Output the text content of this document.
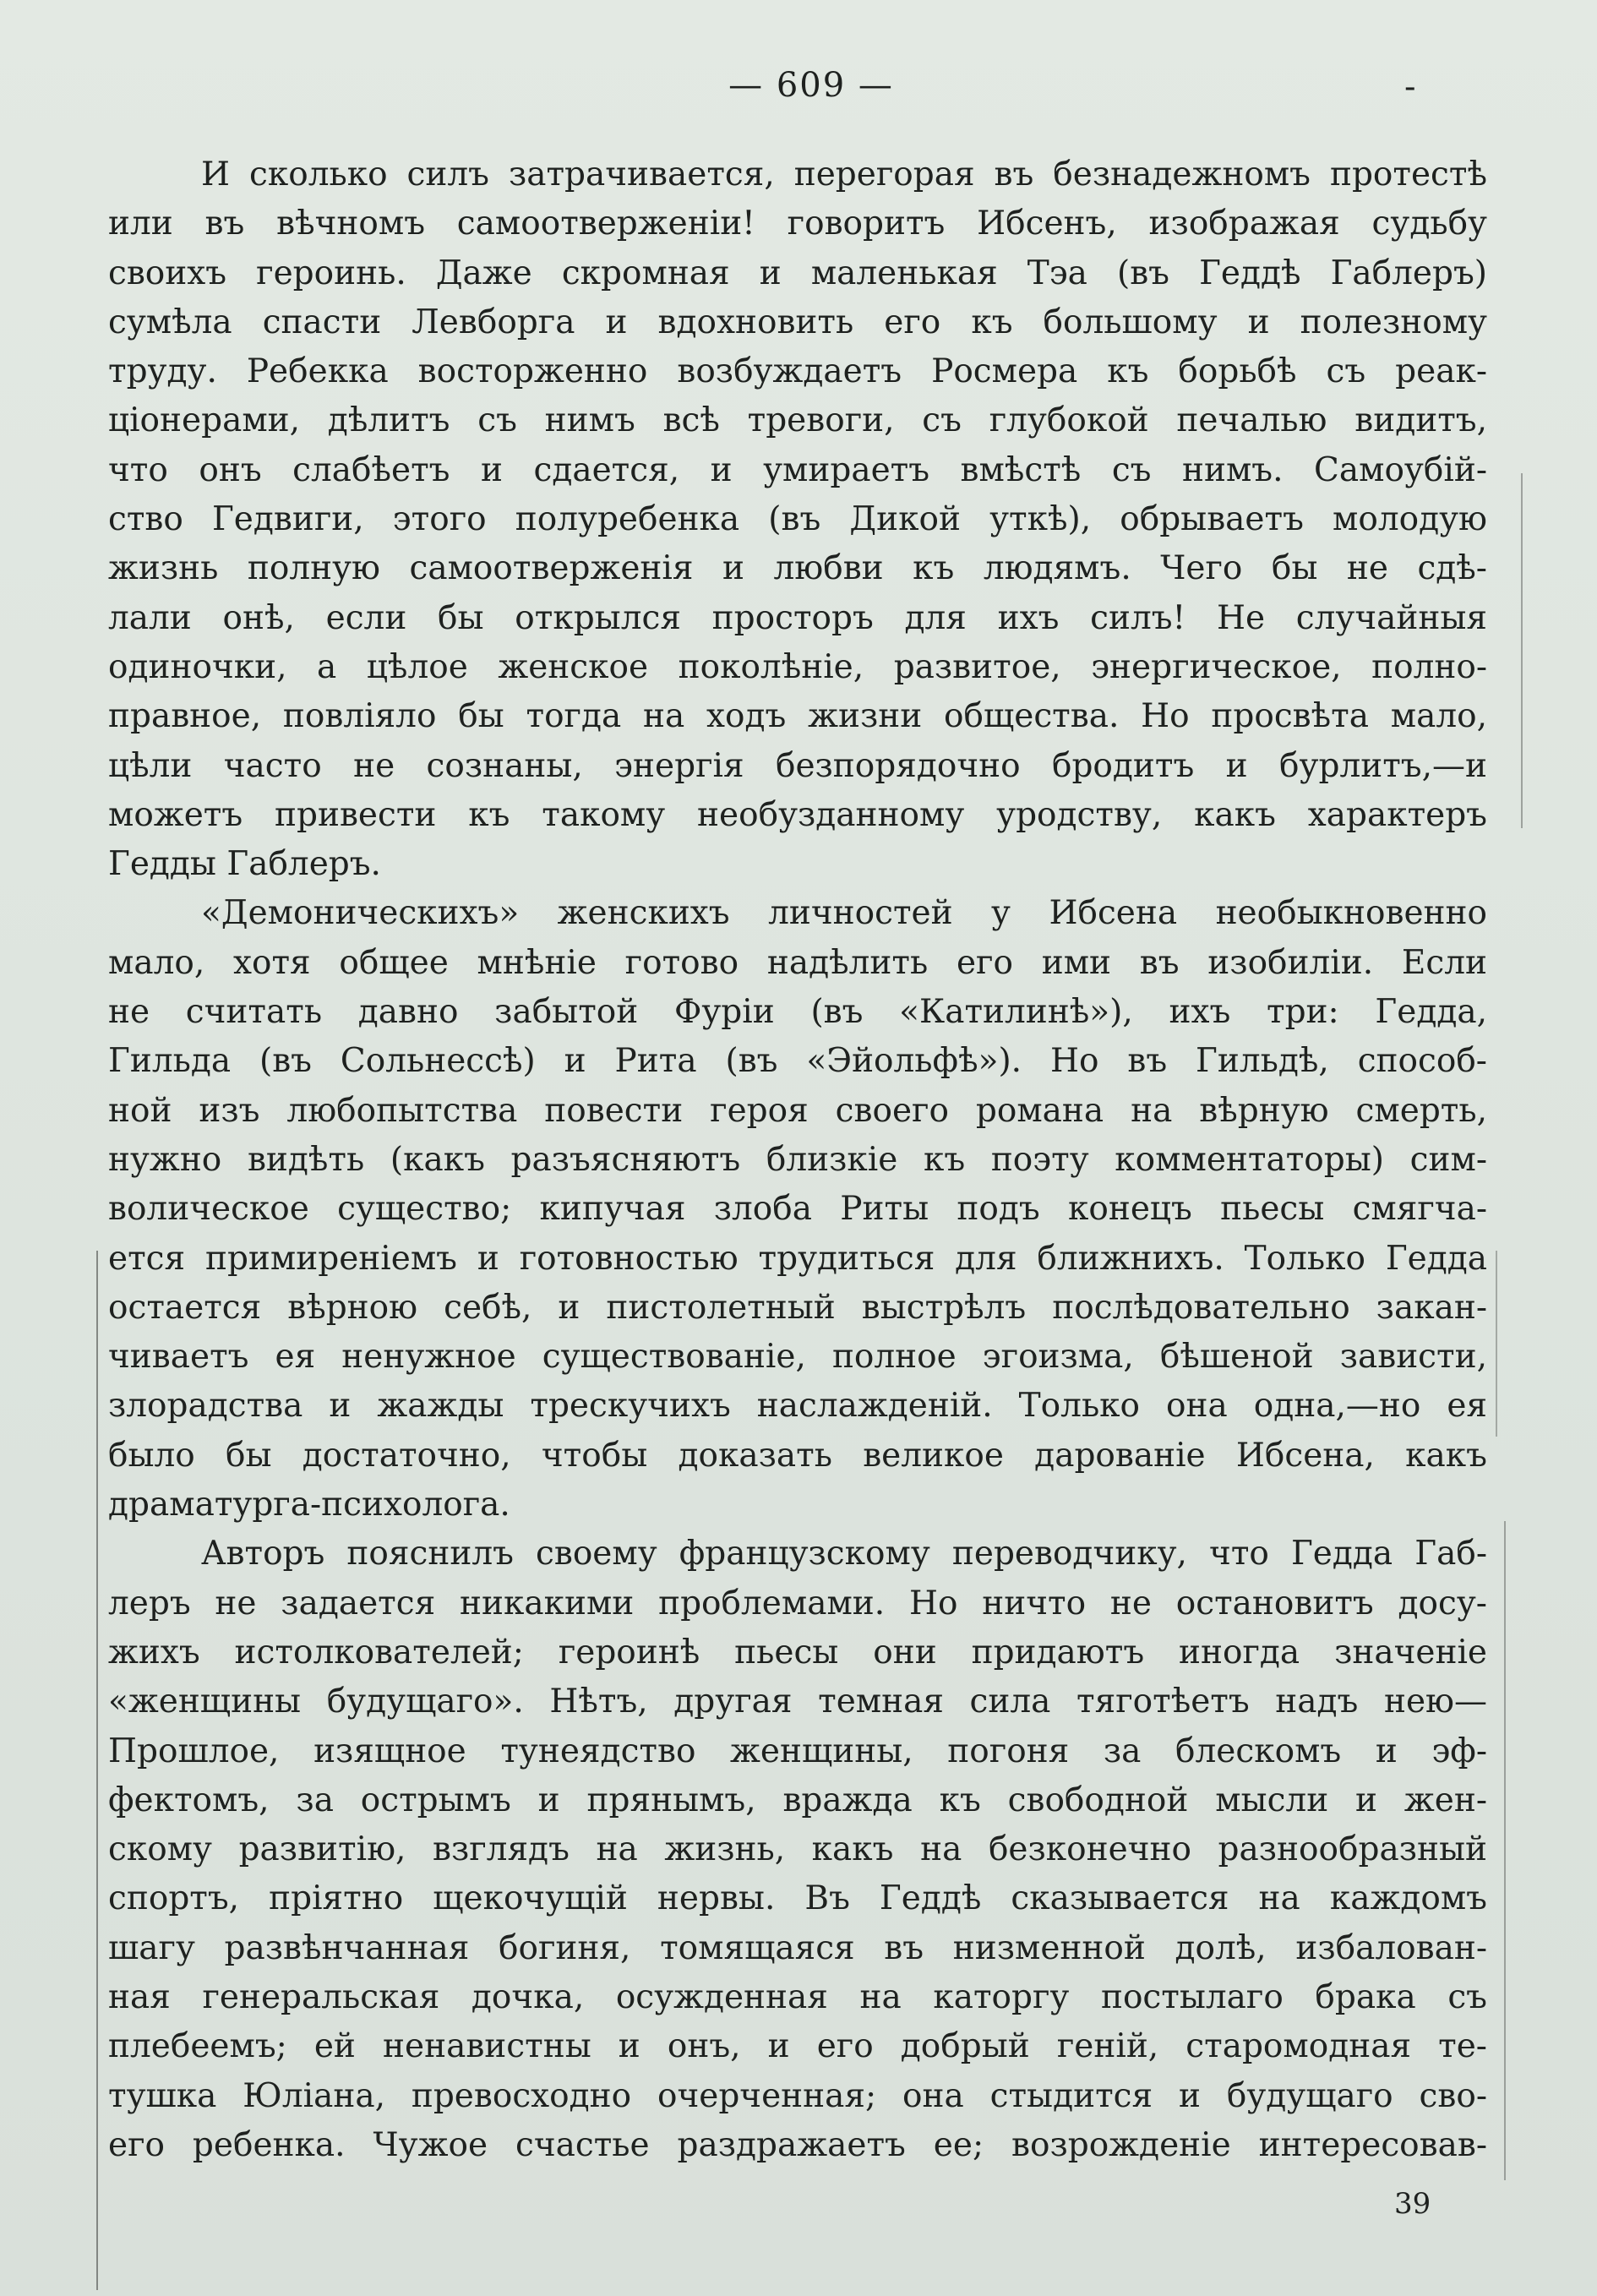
— 609 —	-
И сколько силъ затрачивается, перегорая въ безнадежномъ протестѣ
или въ вѣчномъ самоотверженіи! говоритъ Ибсенъ, изображая судьбу
своихъ героинь. Даже скромная и маленькая Тэа (въ Геддѣ Габлеръ)
сумѣла спасти Левборга и вдохновить его къ большому и полезному
труду. Ребекка восторженно возбуждаетъ Росмера къ борьбѣ съ реак-
ціонерами, дѣлитъ съ нимъ всѣ тревоги, съ глубокой печалью видитъ,
что онъ слабѣетъ и сдается, и умираетъ вмѣстѣ съ нимъ. Самоубій-
ство Гедвиги, этого полуребенка (въ Дикой уткѣ), обрываетъ молодую
жизнь полную самоотверженія и любви къ людямъ. Чего бы не сдѣ-
лали онѣ, если бы открылся просторъ для ихъ силъ! Не случайныя
одиночки, а цѣлое женское поколѣніе, развитое, энергическое, полно-
правное, повліяло бы тогда на ходъ жизни общества. Но просвѣта мало,
цѣли часто не сознаны, энергія безпорядочно бродитъ и бурлитъ,—и
можетъ привести къ такому необузданному уродству, какъ характеръ
Гедды Габлеръ.
«Демоническихъ» женскихъ личностей у Ибсена необыкновенно
мало, хотя общее мнѣніе готово надѣлить его ими въ изобиліи. Если
не считать давно забытой Фуріи (въ «Катилинѣ»), ихъ три: Гедда,
Гильда (въ Сольнессѣ) и Рита (въ «Эйольфѣ»). Но въ Гильдѣ, способ-
ной изъ любопытства повести героя своего романа на вѣрную смерть,
нужно видѣть (какъ разъясняютъ близкіе къ поэту комментаторы) сим-
волическое существо; кипучая злоба Риты подъ конецъ пьесы смягча-
ется примиреніемъ и готовностью трудиться для ближнихъ. Только Гедда
остается вѣрною себѣ, и пистолетный выстрѣлъ послѣдовательно закан-
чиваетъ ея ненужное существованіе, полное эгоизма, бѣшеной зависти,
злорадства и жажды трескучихъ наслажденій. Только она одна,—но ея
было бы достаточно, чтобы доказать великое дарованіе Ибсена, какъ
драматурга-психолога.
Авторъ пояснилъ своему французскому переводчику, что Гедда Габ-
леръ не задается никакими проблемами. Но ничто не остановитъ досу-
жихъ истолкователей; героинѣ пьесы они придаютъ иногда значеніе
«женщины будущаго». Нѣтъ, другая темная сила тяготѣетъ надъ нею—
Прошлое, изящное тунеядство женщины, погоня за блескомъ и эф-
фектомъ, за острымъ и прянымъ, вражда къ свободной мысли и жен-
скому развитію, взглядъ на жизнь, какъ на безконечно разнообразный
спортъ, пріятно щекочущій нервы. Въ Геддѣ сказывается на каждомъ
шагу развѣнчанная богиня, томящаяся въ низменной долѣ, избалован-
ная генеральская дочка, осужденная на каторгу постылаго брака съ
плебеемъ; ей ненавистны и онъ, и его добрый геній, старомодная те-
тушка Юліана, превосходно очерченная; она стыдится и будущаго сво-
его ребенка. Чужое счастье раздражаетъ ее; возрожденіе интересовав-
39
